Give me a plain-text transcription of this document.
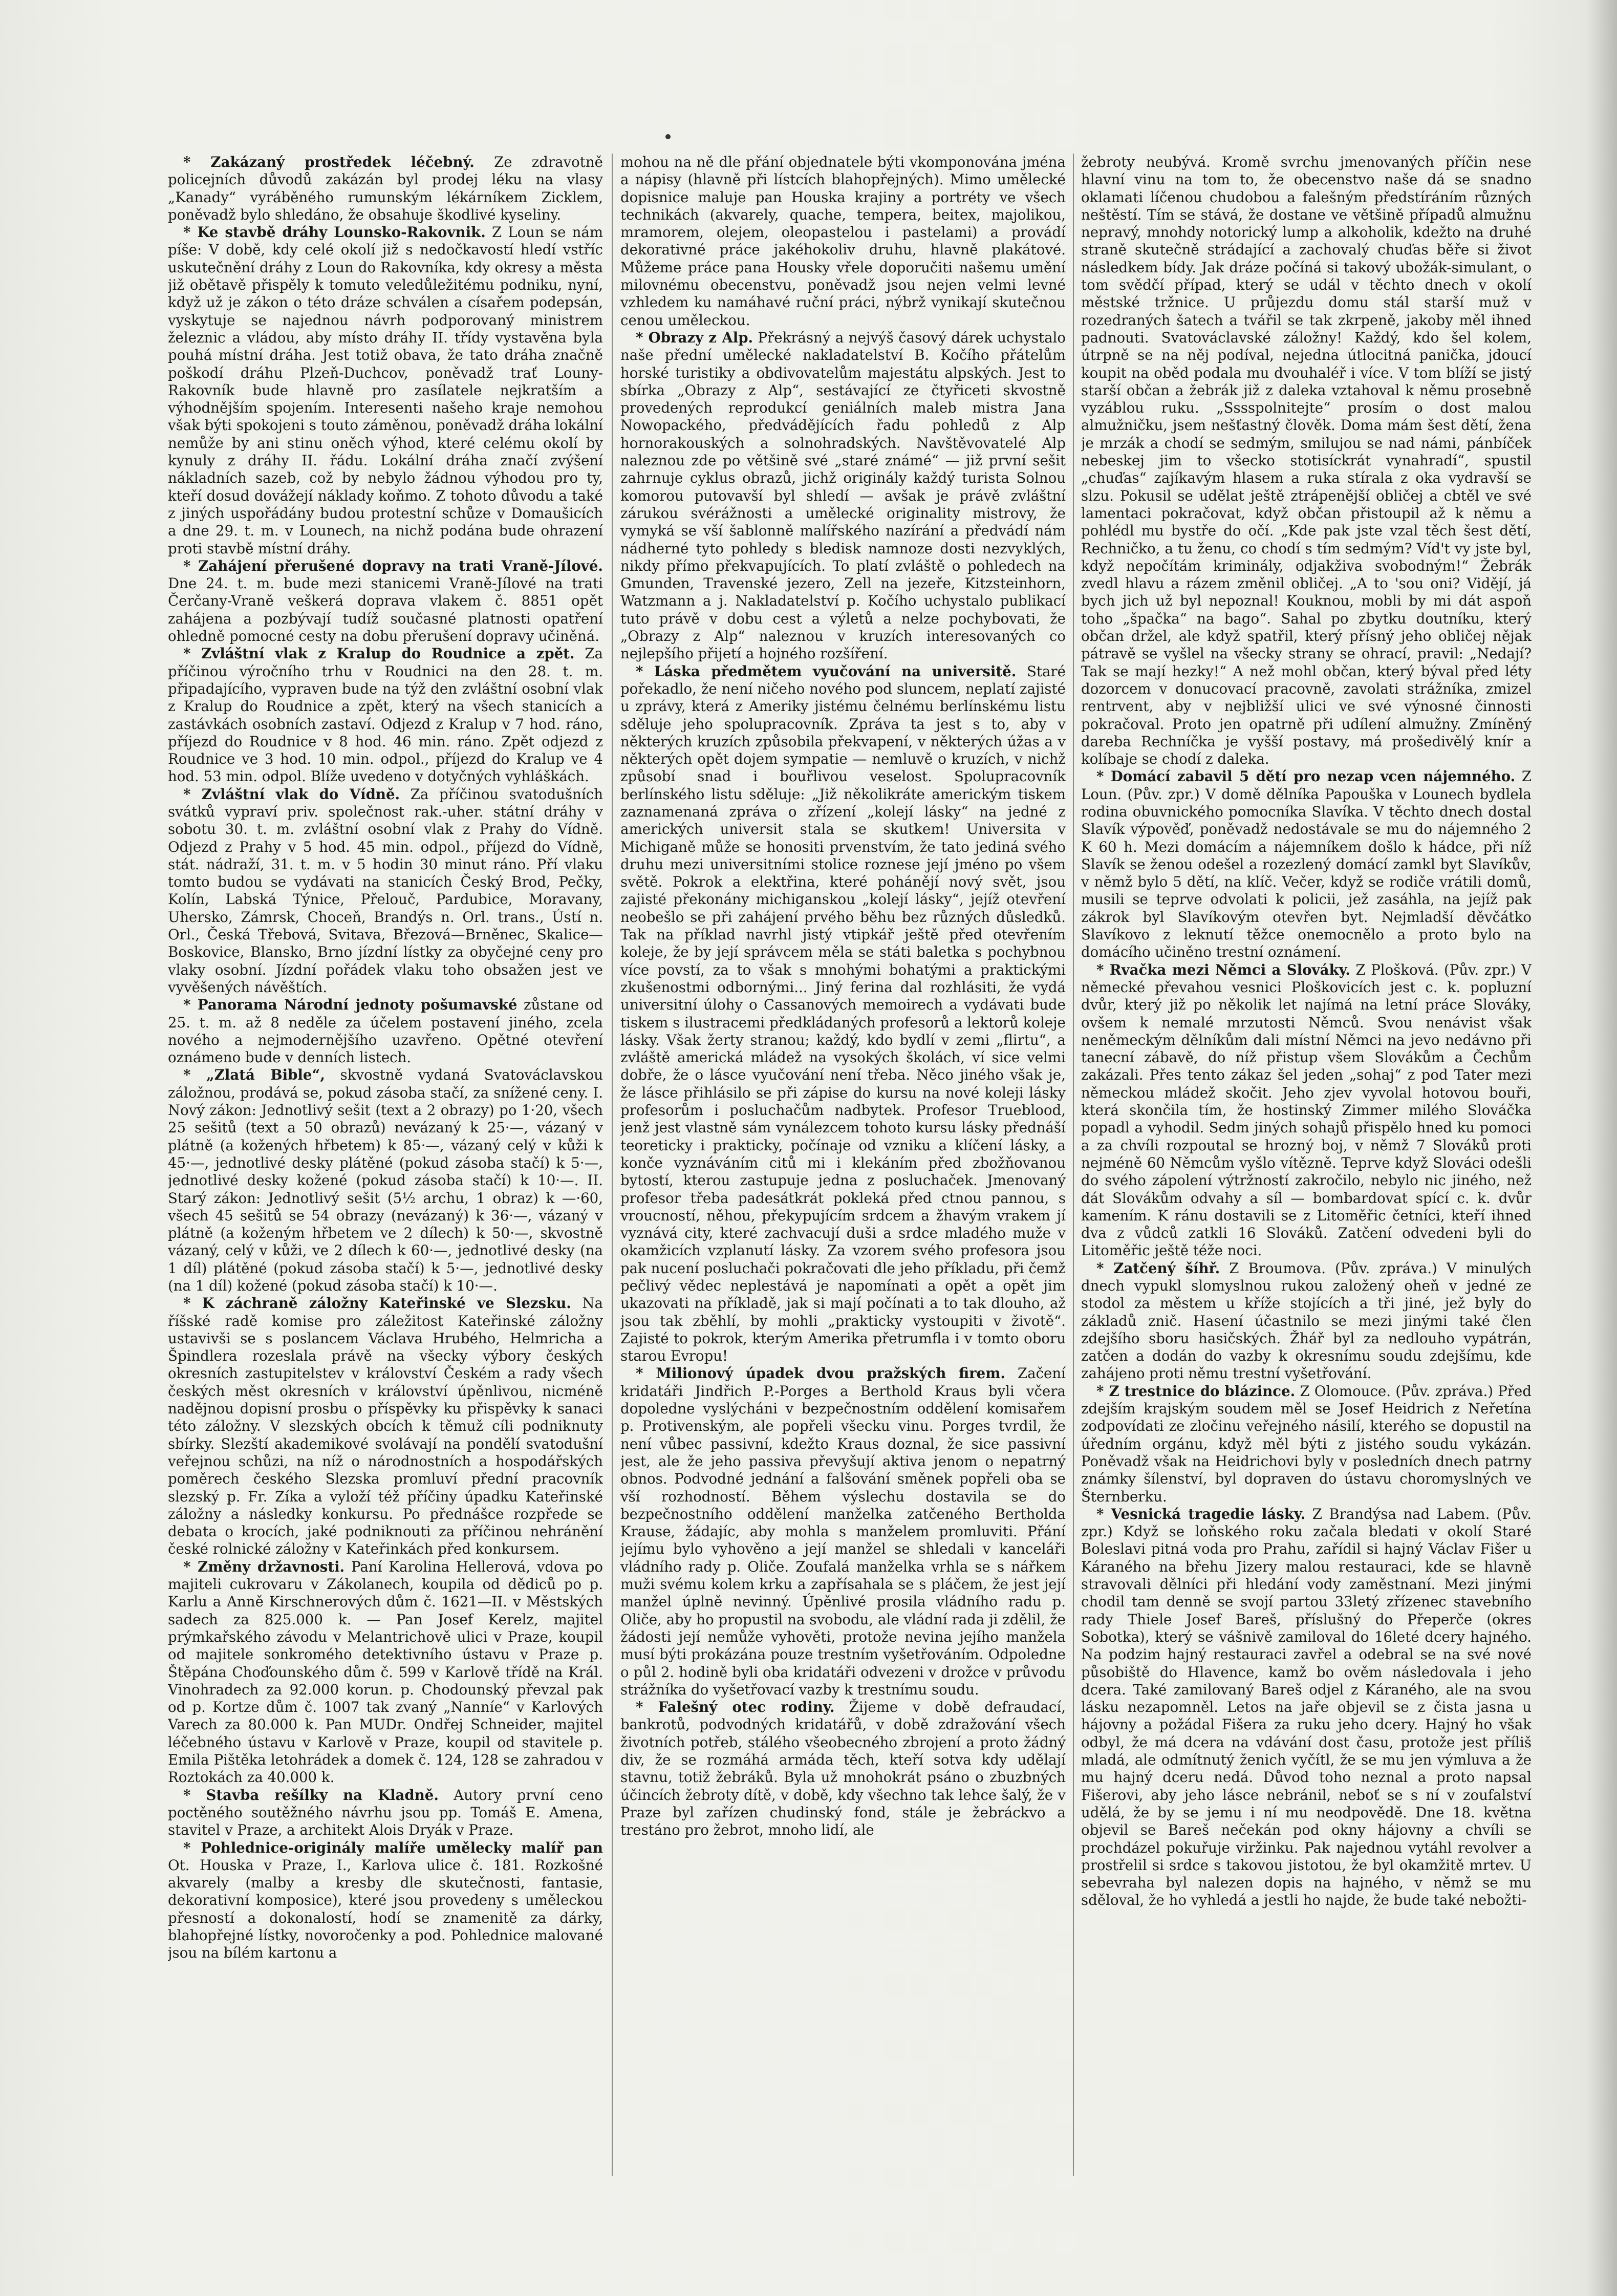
* Zakázaný prostředek léčebný. Ze zdravotně policejních důvodů zakázán byl prodej léku na vlasy „Kanady“ vyráběného rumunským lékárníkem Zicklem, poněvadž bylo shledáno, že obsahuje škodlivé kyseliny.

* Ke stavbě dráhy Lounsko-Rakovnik. Z Loun se nám píše: V době, kdy celé okolí již s nedočkavostí hledí vstříc uskutečnění dráhy z Loun do Rakovníka, kdy okresy a města již obětavě přispěly k tomuto veledůležitému podniku, nyní, když už je zákon o této dráze schválen a císařem podepsán, vyskytuje se najednou návrh podporovaný ministrem železnic a vládou, aby místo dráhy II. třídy vystavěna byla pouhá místní dráha. Jest totiž obava, že tato dráha značně poškodí dráhu Plzeň-Duchcov, poněvadž trať Louny-Rakovník bude hlavně pro zasílatele nejkratším a výhodnějším spojením. Interesenti našeho kraje nemohou však býti spokojeni s touto záměnou, poněvadž dráha lokální nemůže by ani stinu oněch výhod, které celému okolí by kynuly z dráhy II. řádu. Lokální dráha značí zvýšení nákladních sazeb, což by nebylo žádnou výhodou pro ty, kteří dosud dovážejí náklady koňmo. Z tohoto důvodu a také z jiných uspořádány budou protestní schůze v Domaušicích a dne 29. t. m. v Lounech, na nichž podána bude ohrazení proti stavbě místní dráhy.

* Zahájení přerušené dopravy na trati Vraně-Jílové. Dne 24. t. m. bude mezi stanicemi Vraně-Jílové na trati Čerčany-Vraně veškerá doprava vlakem č. 8851 opět zahájena a pozbývají tudíž současné platnosti opatření ohledně pomocné cesty na dobu přerušení dopravy učiněná.

* Zvláštní vlak z Kralup do Roudnice a zpět. Za příčinou výročního trhu v Roudnici na den 28. t. m. připadajícího, vypraven bude na týž den zvláštní osobní vlak z Kralup do Roudnice a zpět, který na všech stanicích a zastávkách osobních zastaví. Odjezd z Kralup v 7 hod. ráno, příjezd do Roudnice v 8 hod. 46 min. ráno. Zpět odjezd z Roudnice ve 3 hod. 10 min. odpol., příjezd do Kralup ve 4 hod. 53 min. odpol. Blíže uvedeno v dotyčných vyhláškách.

* Zvláštní vlak do Vídně. Za příčinou svatodušních svátků vypraví priv. společnost rak.-uher. státní dráhy v sobotu 30. t. m. zvláštní osobní vlak z Prahy do Vídně. Odjezd z Prahy v 5 hod. 45 min. odpol., příjezd do Vídně, stát. nádraží, 31. t. m. v 5 hodin 30 minut ráno. Pří vlaku tomto budou se vydávati na stanicích Český Brod, Pečky, Kolín, Labská Týnice, Přelouč, Pardubice, Moravany, Uhersko, Zámrsk, Choceň, Brandýs n. Orl. trans., Ústí n. Orl., Česká Třebová, Svitava, Březová—Brněnec, Skalice—Boskovice, Blansko, Brno jízdní lístky za obyčejné ceny pro vlaky osobní. Jízdní pořádek vlaku toho obsažen jest ve vyvěšených návěštích.

* Panorama Národní jednoty pošumavské zůstane od 25. t. m. až 8 neděle za účelem postavení jiného, zcela nového a nejmodernějšího uzavřeno. Opětné otevření oznámeno bude v denních listech.

* „Zlatá Bible“, skvostně vydaná Svatováclavskou záložnou, prodává se, pokud zásoba stačí, za snížené ceny. I. Nový zákon: Jednotlivý sešit (text a 2 obrazy) po 1·20, všech 25 sešitů (text a 50 obrazů) nevázaný k 25·—, vázaný v plátně (a kožených hřbetem) k 85·—, vázaný celý v kůži k 45·—, jednotlivé desky plátěné (pokud zásoba stačí) k 5·—, jednotlivé desky kožené (pokud zásoba stačí) k 10·—. II. Starý zákon: Jednotlivý sešit (5½ archu, 1 obraz) k —·60, všech 45 sešitů se 54 obrazy (nevázaný) k 36·—, vázaný v plátně (a koženým hřbetem ve 2 dílech) k 50·—, skvostně vázaný, celý v kůži, ve 2 dílech k 60·—, jednotlivé desky (na 1 díl) plátěné (pokud zásoba stačí) k 5·—, jednotlivé desky (na 1 díl) kožené (pokud zásoba stačí) k 10·—.

* K záchraně záložny Kateřinské ve Slezsku. Na říšské radě komise pro záležitost Kateřinské záložny ustavivši se s poslancem Václava Hrubého, Helmricha a Špindlera rozeslala právě na všecky výbory českých okresních zastupitelstev v království Českém a rady všech českých měst okresních v království úpěnlivou, nicméně nadějnou dopisní prosbu o příspěvky ku přispěvky k sanaci této záložny. V slezských obcích k těmuž cíli podniknuty sbírky. Slezští akademikové svolávají na pondělí svatodušní veřejnou schůzi, na níž o národnostních a hospodářských poměrech českého Slezska promluví přední pracovník slezský p. Fr. Zíka a vyloží též příčiny úpadku Kateřinské záložny a následky konkursu. Po přednášce rozpřede se debata o krocích, jaké podniknouti za příčinou nehránění české rolnické záložny v Kateřinkách před konkursem.

* Změny državnosti. Paní Karolina Hellerová, vdova po majiteli cukrovaru v Zákolanech, koupila od dědiců po p. Karlu a Anně Kirschnerových dům č. 1621—II. v Městských sadech za 825.000 k. — Pan Josef Kerelz, majitel prýmkařského závodu v Melantrichově ulici v Praze, koupil od majitele sonkromého detektivního ústavu v Praze p. Štěpána Choďounského dům č. 599 v Karlově třídě na Král. Vinohradech za 92.000 korun. p. Chodounský převzal pak od p. Kortze dům č. 1007 tak zvaný „Nanníe“ v Karlových Varech za 80.000 k. Pan MUDr. Ondřej Schneider, majitel léčebného ústavu v Karlově v Praze, koupil od stavitele p. Emila Pištěka letohrádek a domek č. 124, 128 se zahradou v Roztokách za 40.000 k.

* Stavba rešílky na Kladně. Autory první ceno poctěného soutěžného návrhu jsou pp. Tomáš E. Amena, stavitel v Praze, a architekt Alois Dryák v Praze.

* Pohlednice-originály malíře umělecky malíř pan Ot. Houska v Praze, I., Karlova ulice č. 181. Rozkošné akvarely (malby a kresby dle skutečnosti, fantasie, dekorativní komposice), které jsou provedeny s uměleckou přesností a dokonalostí, hodí se znamenitě za dárky, blahopřejné lístky, novoročenky a pod. Pohlednice malované jsou na bílém kartonu a

mohou na ně dle přání objednatele býti vkomponována jména a nápisy (hlavně při lístcích blahopřejných). Mimo umělecké dopisnice maluje pan Houska krajiny a portréty ve všech technikách (akvarely, quache, tempera, beitex, majolikou, mramorem, olejem, oleopastelou i pastelami) a provádí dekorativné práce jakéhokoliv druhu, hlavně plakátové. Můžeme práce pana Housky vřele doporučiti našemu umění milovnému obecenstvu, poněvadž jsou nejen velmi levné vzhledem ku namáhavé ruční práci, nýbrž vynikají skutečnou cenou uměleckou.

* Obrazy z Alp. Překrásný a nejvýš časový dárek uchystalo naše přední umělecké nakladatelství B. Kočího přátelům horské turistiky a obdivovatelům majestátu alpských. Jest to sbírka „Obrazy z Alp“, sestávající ze čtyřiceti skvostně provedených reprodukcí geniálních maleb mistra Jana Nowopackého, předvádějících řadu pohledů z Alp hornorakouských a solnohradských. Navštěvovatelé Alp naleznou zde po většině své „staré známé“ — již první sešit zahrnuje cyklus obrazů, jichž originály každý turista Solnou komorou putovavší byl shledí — avšak je právě zvláštní zárukou svérážnosti a umělecké originality mistrovy, že vymyká se vší šablonně malířského nazírání a předvádí nám nádherné tyto pohledy s bledisk namnoze dosti nezvyklých, nikdy přímo překvapujících. To platí zvláště o pohledech na Gmunden, Travenské jezero, Zell na jezeře, Kitzsteinhorn, Watzmann a j. Nakladatelství p. Kočího uchystalo publikací tuto právě v dobu cest a výletů a nelze pochybovati, že „Obrazy z Alp“ naleznou v kruzích interesovaných co nejlepšího přijetí a hojného rozšíření.

* Láska předmětem vyučování na universitě. Staré pořekadlo, že není ničeho nového pod sluncem, neplatí zajisté u zprávy, která z Ameriky jistému čelnému berlínskému listu sděluje jeho spolupracovník. Zpráva ta jest s to, aby v některých kruzích způsobila překvapení, v některých úžas a v některých opět dojem sympatie — nemluvě o kruzích, v nichž způsobí snad i bouřlivou veselost. Spolupracovník berlínského listu sděluje: „Již několikráte americkým tiskem zaznamenaná zpráva o zřízení „kolejí lásky“ na jedné z amerických universit stala se skutkem! Universita v Michiganě může se honositi prvenstvím, že tato jediná svého druhu mezi universitními stolice roznese její jméno po všem světě. Pokrok a elektřina, které pohánějí nový svět, jsou zajisté překonány michiganskou „kolejí lásky“, jejíž otevření neobešlo se při zahájení prvého běhu bez různých důsledků. Tak na příklad navrhl jistý vtipkář ještě před otevřením koleje, že by její správcem měla se státi baletka s pochybnou více povstí, za to však s mnohými bohatými a praktickými zkušenostmi odbornými... Jiný ferina dal rozhlásiti, že vydá universitní úlohy o Cassanových memoirech a vydávati bude tiskem s ilustracemi předkládaných profesorů a lektorů koleje lásky. Však žerty stranou; každý, kdo bydlí v zemi „flirtu“, a zvláště americká mládež na vysokých školách, ví sice velmi dobře, že o lásce vyučování není třeba. Něco jiného však je, že lásce přihlásilo se při zápise do kursu na nové koleji lásky profesorům i posluchačům nadbytek. Profesor Trueblood, jenž jest vlastně sám vynálezcem tohoto kursu lásky přednáší teoreticky i prakticky, počínaje od vzniku a klíčení lásky, a konče vyznáváním citů mi i klekáním před zbožňovanou bytostí, kterou zastupuje jedna z posluchaček. Jmenovaný profesor třeba padesátkrát pokleká před ctnou pannou, s vroucností, něhou, překypujícím srdcem a žhavým vrakem jí vyznává city, které zachvacují duši a srdce mladého muže v okamžicích vzplanutí lásky. Za vzorem svého profesora jsou pak nucení posluchači pokračovati dle jeho příkladu, při čemž pečlivý vědec neplestává je napomínati a opět a opět jim ukazovati na příkladě, jak si mají počínati a to tak dlouho, až jsou tak zběhlí, by mohli „prakticky vystoupiti v životě“. Zajisté to pokrok, kterým Amerika přetrumfla i v tomto oboru starou Evropu!

* Milionový úpadek dvou pražských firem. Začení kridatáři Jindřich P.-Porges a Berthold Kraus byli včera dopoledne vyslýcháni v bezpečnostním oddělení komisařem p. Protivenským, ale popřeli všecku vinu. Porges tvrdil, že není vůbec passivní, kdežto Kraus doznal, že sice passivní jest, ale že jeho passiva převyšují aktiva jenom o nepatrný obnos. Podvodné jednání a falšování směnek popřeli oba se vší rozhodností. Během výslechu dostavila se do bezpečnostního oddělení manželka zatčeného Bertholda Krause, žádajíc, aby mohla s manželem promluviti. Přání jejímu bylo vyhověno a její manžel se shledali v kanceláři vládního rady p. Oliče. Zoufalá manželka vrhla se s nářkem muži svému kolem krku a zapřísahala se s pláčem, že jest její manžel úplně nevinný. Úpěnlivé prosila vládního radu p. Oliče, aby ho propustil na svobodu, ale vládní rada ji zdělil, že žádosti její nemůže vyhověti, protože nevina jejího manžela musí býti prokázána pouze trestním vyšetřováním. Odpoledne o půl 2. hodině byli oba kridatáři odvezeni v drožce v průvodu strážníka do vyšetřovací vazby k trestnímu soudu.

* Falešný otec rodiny. Žijeme v době defraudací, bankrotů, podvodných kridatářů, v době zdražování všech životních potřeb, stálého všeobecného zbrojení a proto žádný div, že se rozmáhá armáda těch, kteří sotva kdy udělají stavnu, totiž žebráků. Byla už mnohokrát psáno o zbuzbných účincích žebroty dítě, v době, kdy všechno tak lehce šalý, že v Praze byl zařízen chudinský fond, stále je žebráckvo a trestáno pro žebrot, mnoho lidí, ale

žebroty neubývá. Kromě svrchu jmenovaných příčin nese hlavní vinu na tom to, že obecenstvo naše dá se snadno oklamati líčenou chudobou a falešným předstíráním různých neštěstí. Tím se stává, že dostane ve většině případů almužnu nepravý, mnohdy notorický lump a alkoholik, kdežto na druhé straně skutečně strádající a zachovalý chuďas běře si život následkem bídy. Jak dráze počíná si takový ubožák-simulant, o tom svědčí případ, který se udál v těchto dnech v okolí městské tržnice. U průjezdu domu stál starší muž v rozedraných šatech a tvářil se tak zkrpeně, jakoby měl ihned padnouti. Svatováclavské záložny! Každý, kdo šel kolem, útrpně se na něj podíval, nejedna útlocitná panička, jdoucí koupit na oběd podala mu dvouhaléř i více. V tom blíží se jistý starší občan a žebrák již z daleka vztahoval k němu prosebně vyzáblou ruku. „Sssspolnitejte“ prosím o dost malou almužničku, jsem nešťastný člověk. Doma mám šest dětí, žena je mrzák a chodí se sedmým, smilujou se nad námi, pánbíček nebeskej jim to všecko stotisíckrát vynahradí“, spustil „chuďas“ zajíkavým hlasem a ruka stírala z oka vydravší se slzu. Pokusil se udělat ještě ztrápenější obličej a cbtěl ve své lamentaci pokračovat, když občan přistoupil až k němu a pohlédl mu bystře do očí. „Kde pak jste vzal těch šest dětí, Rechničko, a tu ženu, co chodí s tím sedmým? Víd't vy jste byl, když nepočítám kriminály, odjakživa svobodným!“ Žebrák zvedl hlavu a rázem změnil obličej. „A to 'sou oni? Vidějí, já bych jich už byl nepoznal! Kouknou, mobli by mi dát aspoň toho „špačka“ na bago“. Sahal po zbytku doutníku, který občan držel, ale když spatřil, který přísný jeho obličej nějak pátravě se vyšlel na všecky strany se ohrací, pravil: „Nedají? Tak se mají hezky!“ A než mohl občan, který býval před léty dozorcem v donucovací pracovně, zavolati strážníka, zmizel rentrvent, aby v nejbližší ulici ve své výnosné činnosti pokračoval. Proto jen opatrně při udílení almužny. Zmíněný dareba Rechníčka je vyšší postavy, má prošedivělý knír a kolíbaje se chodí z daleka.

* Domácí zabavil 5 dětí pro nezap vcen nájemného. Z Loun. (Pův. zpr.) V domě dělníka Papouška v Lounech bydlela rodina obuvnického pomocníka Slavíka. V těchto dnech dostal Slavík výpověď, poněvadž nedostávale se mu do nájemného 2 K 60 h. Mezi domácím a nájemníkem došlo k hádce, při níž Slavík se ženou odešel a rozezlený domácí zamkl byt Slavíkův, v němž bylo 5 dětí, na klíč. Večer, když se rodiče vrátili domů, musili se teprve odvolati k policii, jež zasáhla, na jejíž pak zákrok byl Slavíkovým otevřen byt. Nejmladší děvčátko Slavíkovo z leknutí těžce onemocnělo a proto bylo na domácího učiněno trestní oznámení.

* Rvačka mezi Němci a Slováky. Z Plošková. (Pův. zpr.) V německé převahou vesnici Ploškovicích jest c. k. popluzní dvůr, který již po několik let najímá na letní práce Slováky, ovšem k nemalé mrzutosti Němců. Svou nenávist však neněmeckým dělníkům dali místní Němci na jevo nedávno při tanecní zábavě, do níž přistup všem Slovákům a Čechům zakázali. Přes tento zákaz šel jeden „sohaj“ z pod Tater mezi německou mládež skočit. Jeho zjev vyvolal hotovou bouři, která skončila tím, že hostinský Zimmer milého Slováčka popadl a vyhodil. Sedm jiných sohajů přispělo hned ku pomoci a za chvíli rozpoutal se hrozný boj, v němž 7 Slováků proti nejméně 60 Němcům vyšlo vítězně. Teprve když Slováci odešli do svého zápolení výtržností zakročilo, nebylo nic jiného, než dát Slovákům odvahy a síl — bombardovat spící c. k. dvůr kamením. K ránu dostavili se z Litoměřic četníci, kteří ihned dva z vůdců zatkli 16 Slováků. Zatčení odvedeni byli do Litoměřic ještě téže noci.

* Zatčený šíhř. Z Broumova. (Pův. zpráva.) V minulých dnech vypukl slomyslnou rukou založený oheň v jedné ze stodol za městem u kříže stojících a tři jiné, jež byly do základů znič. Hasení účastnilo se mezi jinými také člen zdejšího sboru hasičských. Žhář byl za nedlouho vypátrán, zatčen a dodán do vazby k okresnímu soudu zdejšímu, kde zahájeno proti němu trestní vyšetřování.

* Z trestnice do blázince. Z Olomouce. (Pův. zpráva.) Před zdejším krajským soudem měl se Josef Heidrich z Neřetína zodpovídati ze zločinu veřejného násilí, kterého se dopustil na úředním orgánu, když měl býti z jistého soudu vykázán. Poněvadž však na Heidrichovi byly v posledních dnech patrny známky šílenství, byl dopraven do ústavu choromyslných ve Šternberku.

* Vesnická tragedie lásky. Z Brandýsa nad Labem. (Pův. zpr.) Když se loňského roku začala bledati v okolí Staré Boleslavi pitná voda pro Prahu, zařídil si hajný Václav Fišer u Káraného na břehu Jizery malou restauraci, kde se hlavně stravovali dělníci při hledání vody zaměstnaní. Mezi jinými chodil tam denně se svojí partou 33letý zřízenec stavebního rady Thiele Josef Bareš, příslušný do Přeperče (okres Sobotka), který se vášnivě zamiloval do 16leté dcery hajného. Na podzim hajný restauraci zavřel a odebral se na své nové působiště do Hlavence, kamž bo ověm následovala i jeho dcera. Také zamilovaný Bareš odjel z Káraného, ale na svou lásku nezapomněl. Letos na jaře objevil se z čista jasna u hájovny a požádal Fišera za ruku jeho dcery. Hajný ho však odbyl, že má dcera na vdávání dost času, protože jest příliš mladá, ale odmítnutý ženich vyčítl, že se mu jen výmluva a že mu hajný dceru nedá. Důvod toho neznal a proto napsal Fišerovi, aby jeho lásce nebránil, neboť se s ní v zoufalství udělá, že by se jemu i ní mu neodpovědě. Dne 18. května objevil se Bareš nečekán pod okny hájovny a chvíli se prochdázel pokuřuje viržinku. Pak najednou vytáhl revolver a prostřelil si srdce s takovou jistotou, že byl okamžitě mrtev. U sebevraha byl nalezen dopis na hajného, v němž se mu sděloval, že ho vyhledá a jestli ho najde, že bude také nebožti-
